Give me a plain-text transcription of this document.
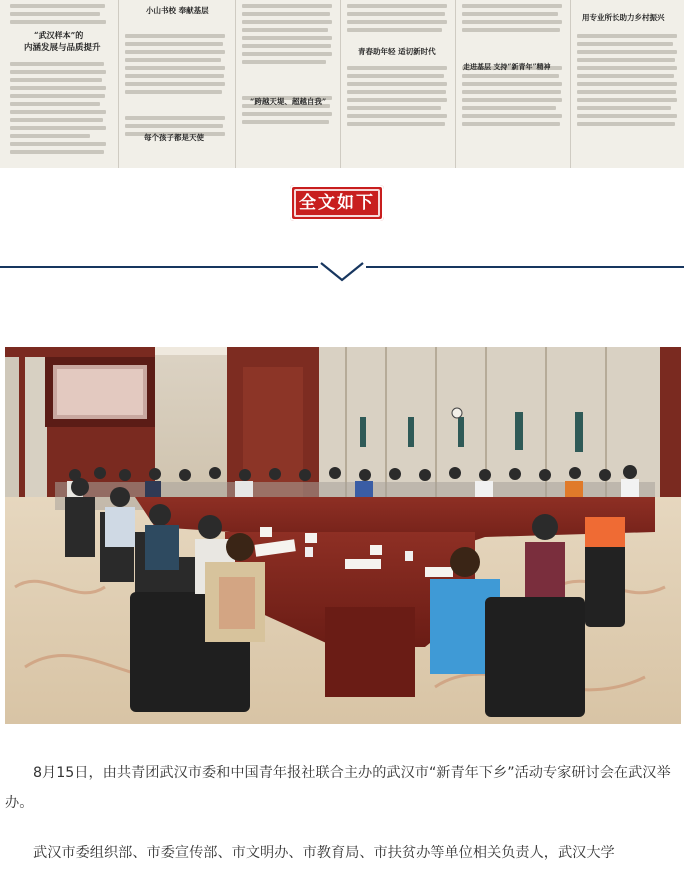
“武汉样本”的
内涵发展与品质提升
小山书校 奉献基层
每个孩子都是天使
“跨越天堤、超越自我”
青春助年轻 适切新时代
走进基层 支持“新青年”精神
用专业所长助力乡村振兴
全文如下

8月15日，由共青团武汉市委和中国青年报社联合主办的武汉市“新青年下乡”活动专家研讨会在武汉举办。

武汉市委组织部、市委宣传部、市文明办、市教育局、市扶贫办等单位相关负责人，武汉大学
